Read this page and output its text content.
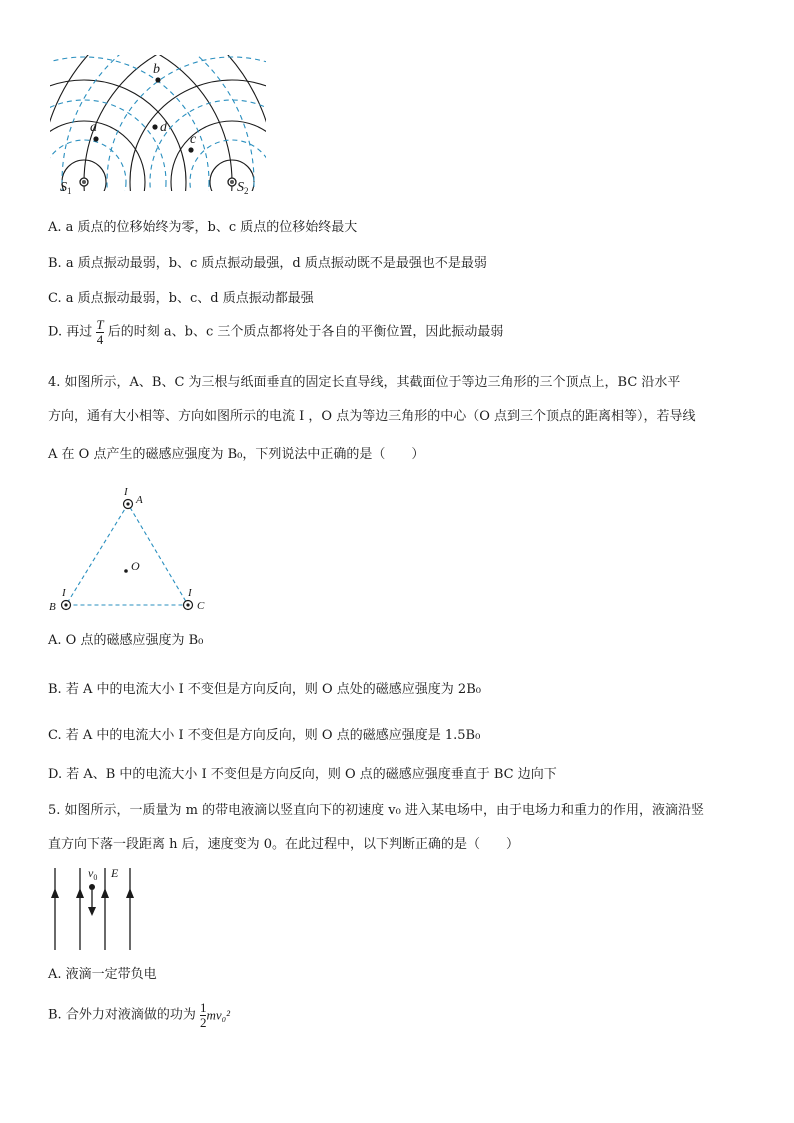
b
a	d
c
$S_1$	$S_2$
A. a 质点的位移始终为零，b、c 质点的位移始终最大
B. a 质点振动最弱，b、c 质点振动最强，d 质点振动既不是最强也不是最弱
C. a 质点振动最弱，b、c、d 质点振动都最强
D. 再过 $\frac{T}{4}$ 后的时刻 a、b、c 三个质点都将处于各自的平衡位置，因此振动最弱
4. 如图所示，A、B、C 为三根与纸面垂直的固定长直导线，其截面位于等边三角形的三个顶点上，BC 沿水平
方向，通有大小相等、方向如图所示的电流 I ，O 点为等边三角形的中心（O 点到三个顶点的距离相等），若导线
A 在 O 点产生的磁感应强度为 B₀，下列说法中正确的是（　　）
O
I
A
I
B
I
C
A. O 点的磁感应强度为 B₀
B. 若 A 中的电流大小 I 不变但是方向反向，则 O 点处的磁感应强度为 2B₀
C. 若 A 中的电流大小 I 不变但是方向反向，则 O 点的磁感应强度是 1.5B₀
D. 若 A、B 中的电流大小 I 不变但是方向反向，则 O 点的磁感应强度垂直于 BC 边向下
5. 如图所示，一质量为 m 的带电液滴以竖直向下的初速度 v₀ 进入某电场中，由于电场力和重力的作用，液滴沿竖
直方向下落一段距离 h 后，速度变为 0。在此过程中，以下判断正确的是（　　）
$v_0$ E
A. 液滴一定带负电
B. 合外力对液滴做的功为 $\frac{1}{2} mv_0^2$
